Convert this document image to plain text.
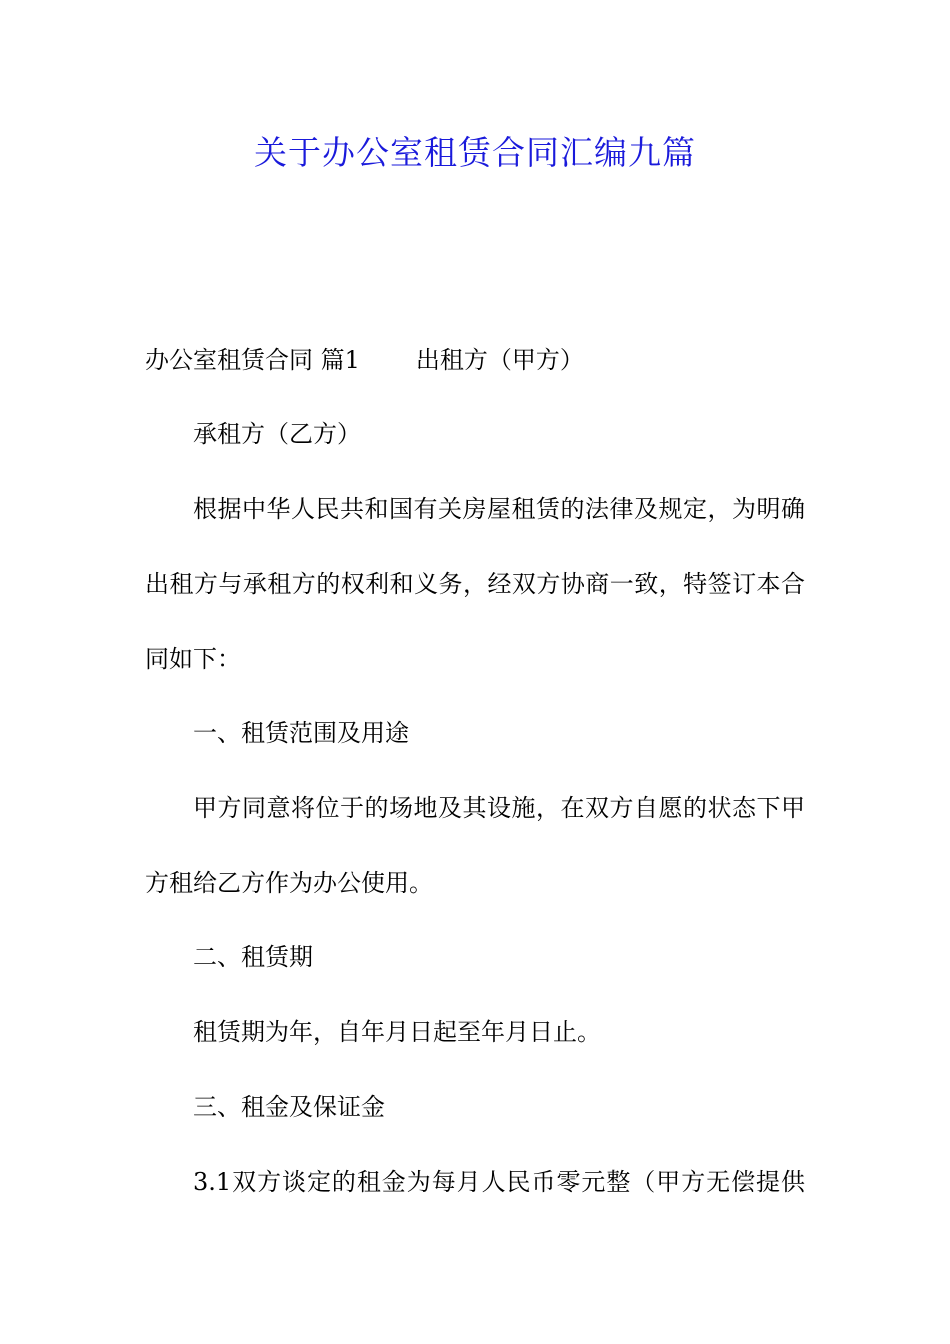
关于办公室租赁合同汇编九篇
办公室租赁合同 篇1 出租方（甲方）
承租方（乙方）
根据中华人民共和国有关房屋租赁的法律及规定，为明确
出租方与承租方的权利和义务，经双方协商一致，特签订本合
同如下：
一、租赁范围及用途
甲方同意将位于的场地及其设施，在双方自愿的状态下甲
方租给乙方作为办公使用。
二、租赁期
租赁期为年，自年月日起至年月日止。
三、租金及保证金
3.1双方谈定的租金为每月人民币零元整（甲方无偿提供
